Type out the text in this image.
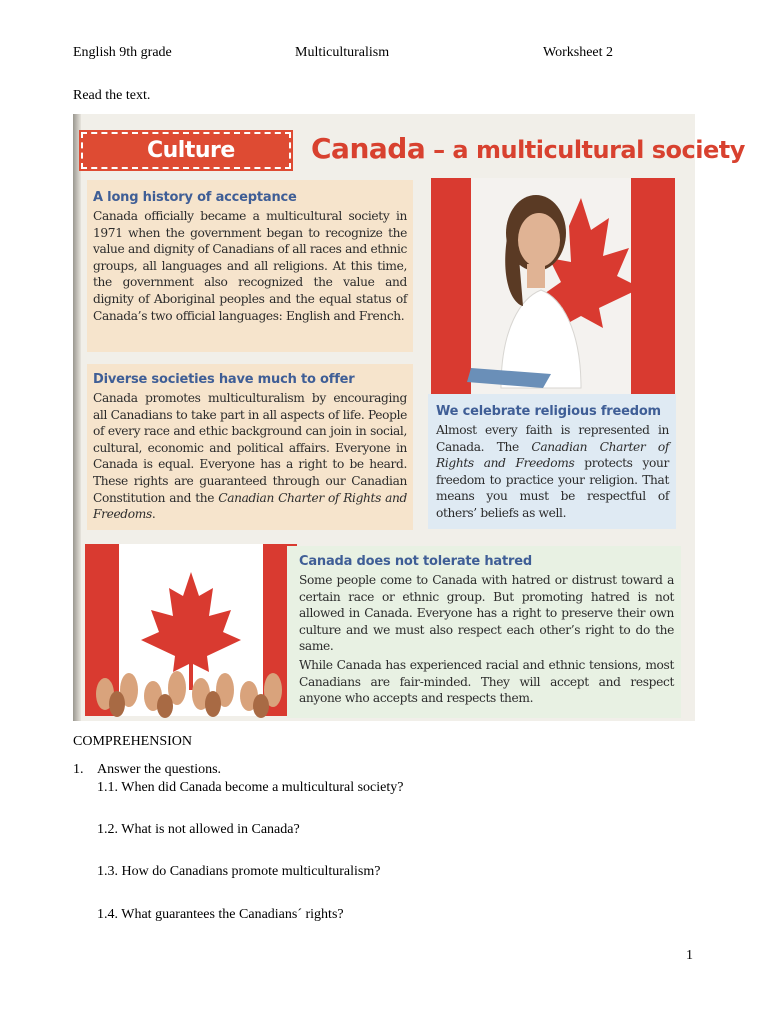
English 9th grade	Multiculturalism	Worksheet 2
Read the text.
Culture	Canada – a multicultural society
A long history of acceptance

Canada officially became a multicultural society in 1971 when the government began to recognize the value and dignity of Canadians of all races and ethnic groups, all languages and all religions. At this time, the government also recognized the value and dignity of Aboriginal peoples and the equal status of Canada’s two official languages: English and French.

Diverse societies have much to offer

Canada promotes multiculturalism by encouraging all Canadians to take part in all aspects of life. People of every race and ethic background can join in social, cultural, economic and political affairs. Everyone in Canada is equal. Everyone has a right to be heard. These rights are guaranteed through our Canadian Constitution and the Canadian Charter of Rights and Freedoms.

We celebrate religious freedom

Almost every faith is represented in Canada. The Canadian Charter of Rights and Freedoms protects your freedom to practice your religion. That means you must be respectful of others’ beliefs as well.

Canada does not tolerate hatred

Some people come to Canada with hatred or distrust toward a certain race or ethnic group. But promoting hatred is not allowed in Canada. Everyone has a right to preserve their own culture and we must also respect each other’s right to do the same.

While Canada has experienced racial and ethnic tensions, most Canadians are fair-minded. They will accept and respect anyone who accepts and respects them.

COMPREHENSION
1. Answer the questions.
1.1. When did Canada become a multicultural society?
1.2. What is not allowed in Canada?
1.3. How do Canadians promote multiculturalism?
1.4. What guarantees the Canadians´ rights?
1
